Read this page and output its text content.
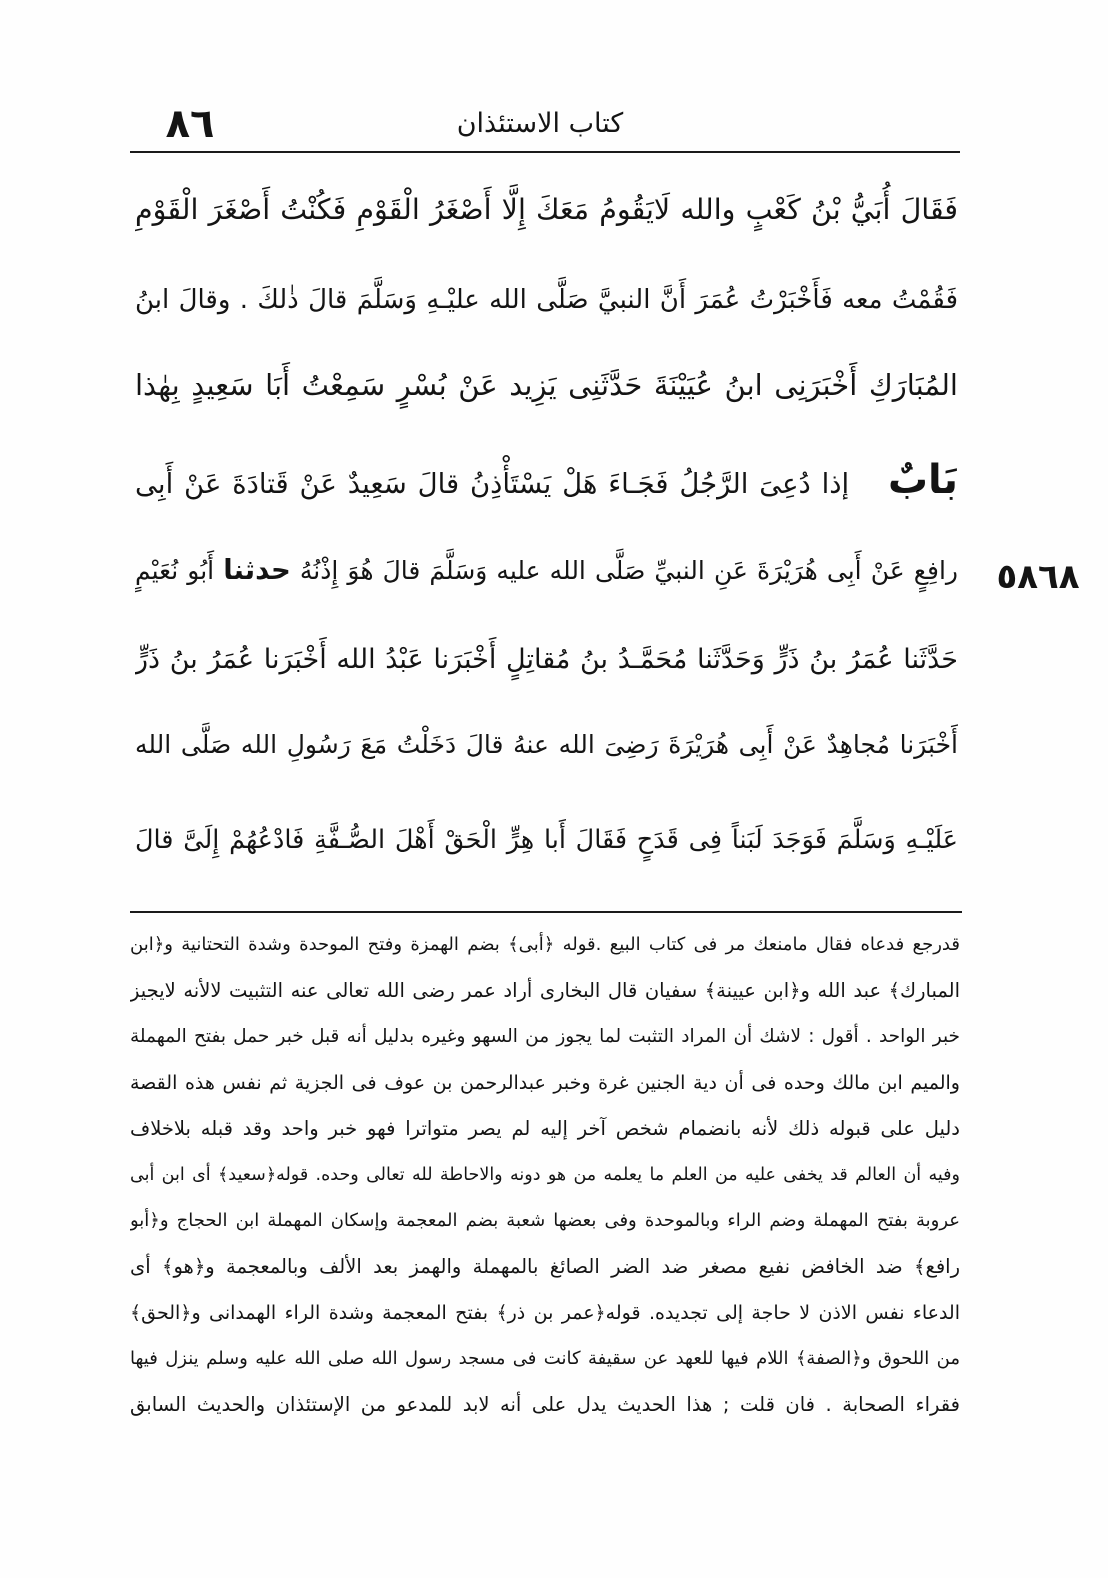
٨٦	كتاب الاستئذان
٥٨٦٨
فَقَالَ أُبَيُّ بْنُ كَعْبٍ والله لَايَقُومُ مَعَكَ إِلَّا أَصْغَرُ الْقَوْمِ فَكُنْتُ أَصْغَرَ الْقَوْمِ
فَقُمْتُ معه فَأَخْبَرْتُ عُمَرَ أَنَّ النبيَّ صَلَّى الله عليْـهِ وَسَلَّمَ قالَ ذٰلكَ . وقالَ ابنُ
المُبَارَكِ أَخْبَرَنِى ابنُ عُيَيْنَةَ حَدَّثَنِى يَزِيد عَنْ بُسْرٍ سَمِعْتُ أَبَا سَعِيدٍ بِهٰذا
بَابٌ إذا دُعِىَ الرَّجُلُ فَجَـاءَ هَلْ يَسْتَأْذِنُ قالَ سَعِيدٌ عَنْ قَتادَةَ عَنْ أَبِى
رافِعٍ عَنْ أَبِى هُرَيْرَةَ عَنِ النبيِّ صَلَّى الله عليه وَسَلَّمَ قالَ هُوَ إِذْنُهُ حدثنا أَبُو نُعَيْمٍ
حَدَّثَنا عُمَرُ بنُ ذَرٍّ وَحَدَّثَنا مُحَمَّـدُ بنُ مُقاتِلٍ أَخْبَرَنا عَبْدُ الله أَخْبَرَنا عُمَرُ بنُ ذَرٍّ
أَخْبَرَنا مُجاهِدٌ عَنْ أَبِى هُرَيْرَةَ رَضِىَ الله عنهُ قالَ دَخَلْتُ مَعَ رَسُولِ الله صَلَّى الله
عَلَيْـهِ وَسَلَّمَ فَوَجَدَ لَبَناً فِى قَدَحٍ فَقَالَ أَبا هِرٍّ الْحَقْ أَهْلَ الصُّـفَّةِ فَادْعُهُمْ إِلَىَّ قالَ
قدرجع فدعاه فقال مامنعك مر فى كتاب البيع .قوله ﴿أبى﴾ بضم الهمزة وفتح الموحدة وشدة التحتانية و﴿ابن
المبارك﴾ عبد الله و﴿ابن عيينة﴾ سفيان قال البخارى أراد عمر رضى الله تعالى عنه التثبيت لالأنه لايجيز
خبر الواحد . أقول : لاشك أن المراد التثبت لما يجوز من السهو وغيره بدليل أنه قبل خبر حمل بفتح المهملة
والميم ابن مالك وحده فى أن دية الجنين غرة وخبر عبدالرحمن بن عوف فى الجزية ثم نفس هذه القصة
دليل على قبوله ذلك لأنه بانضمام شخص آخر إليه لم يصر متواترا فهو خبر واحد وقد قبله بلاخلاف
وفيه أن العالم قد يخفى عليه من العلم ما يعلمه من هو دونه والاحاطة لله تعالى وحده. قوله﴿سعيد﴾ أى ابن أبى
عروبة بفتح المهملة وضم الراء وبالموحدة وفى بعضها شعبة بضم المعجمة وإسكان المهملة ابن الحجاج و﴿أبو
رافع﴾ ضد الخافض نفيع مصغر ضد الضر الصائغ بالمهملة والهمز بعد الألف وبالمعجمة و﴿هو﴾ أى
الدعاء نفس الاذن لا حاجة إلى تجديده. قوله﴿عمر بن ذر﴾ بفتح المعجمة وشدة الراء الهمدانى و﴿الحق﴾
من اللحوق و﴿الصفة﴾ اللام فيها للعهد عن سقيفة كانت فى مسجد رسول الله صلى الله عليه وسلم ينزل فيها
فقراء الصحابة . فان قلت ; هذا الحديث يدل على أنه لابد للمدعو من الإستئذان والحديث السابق
